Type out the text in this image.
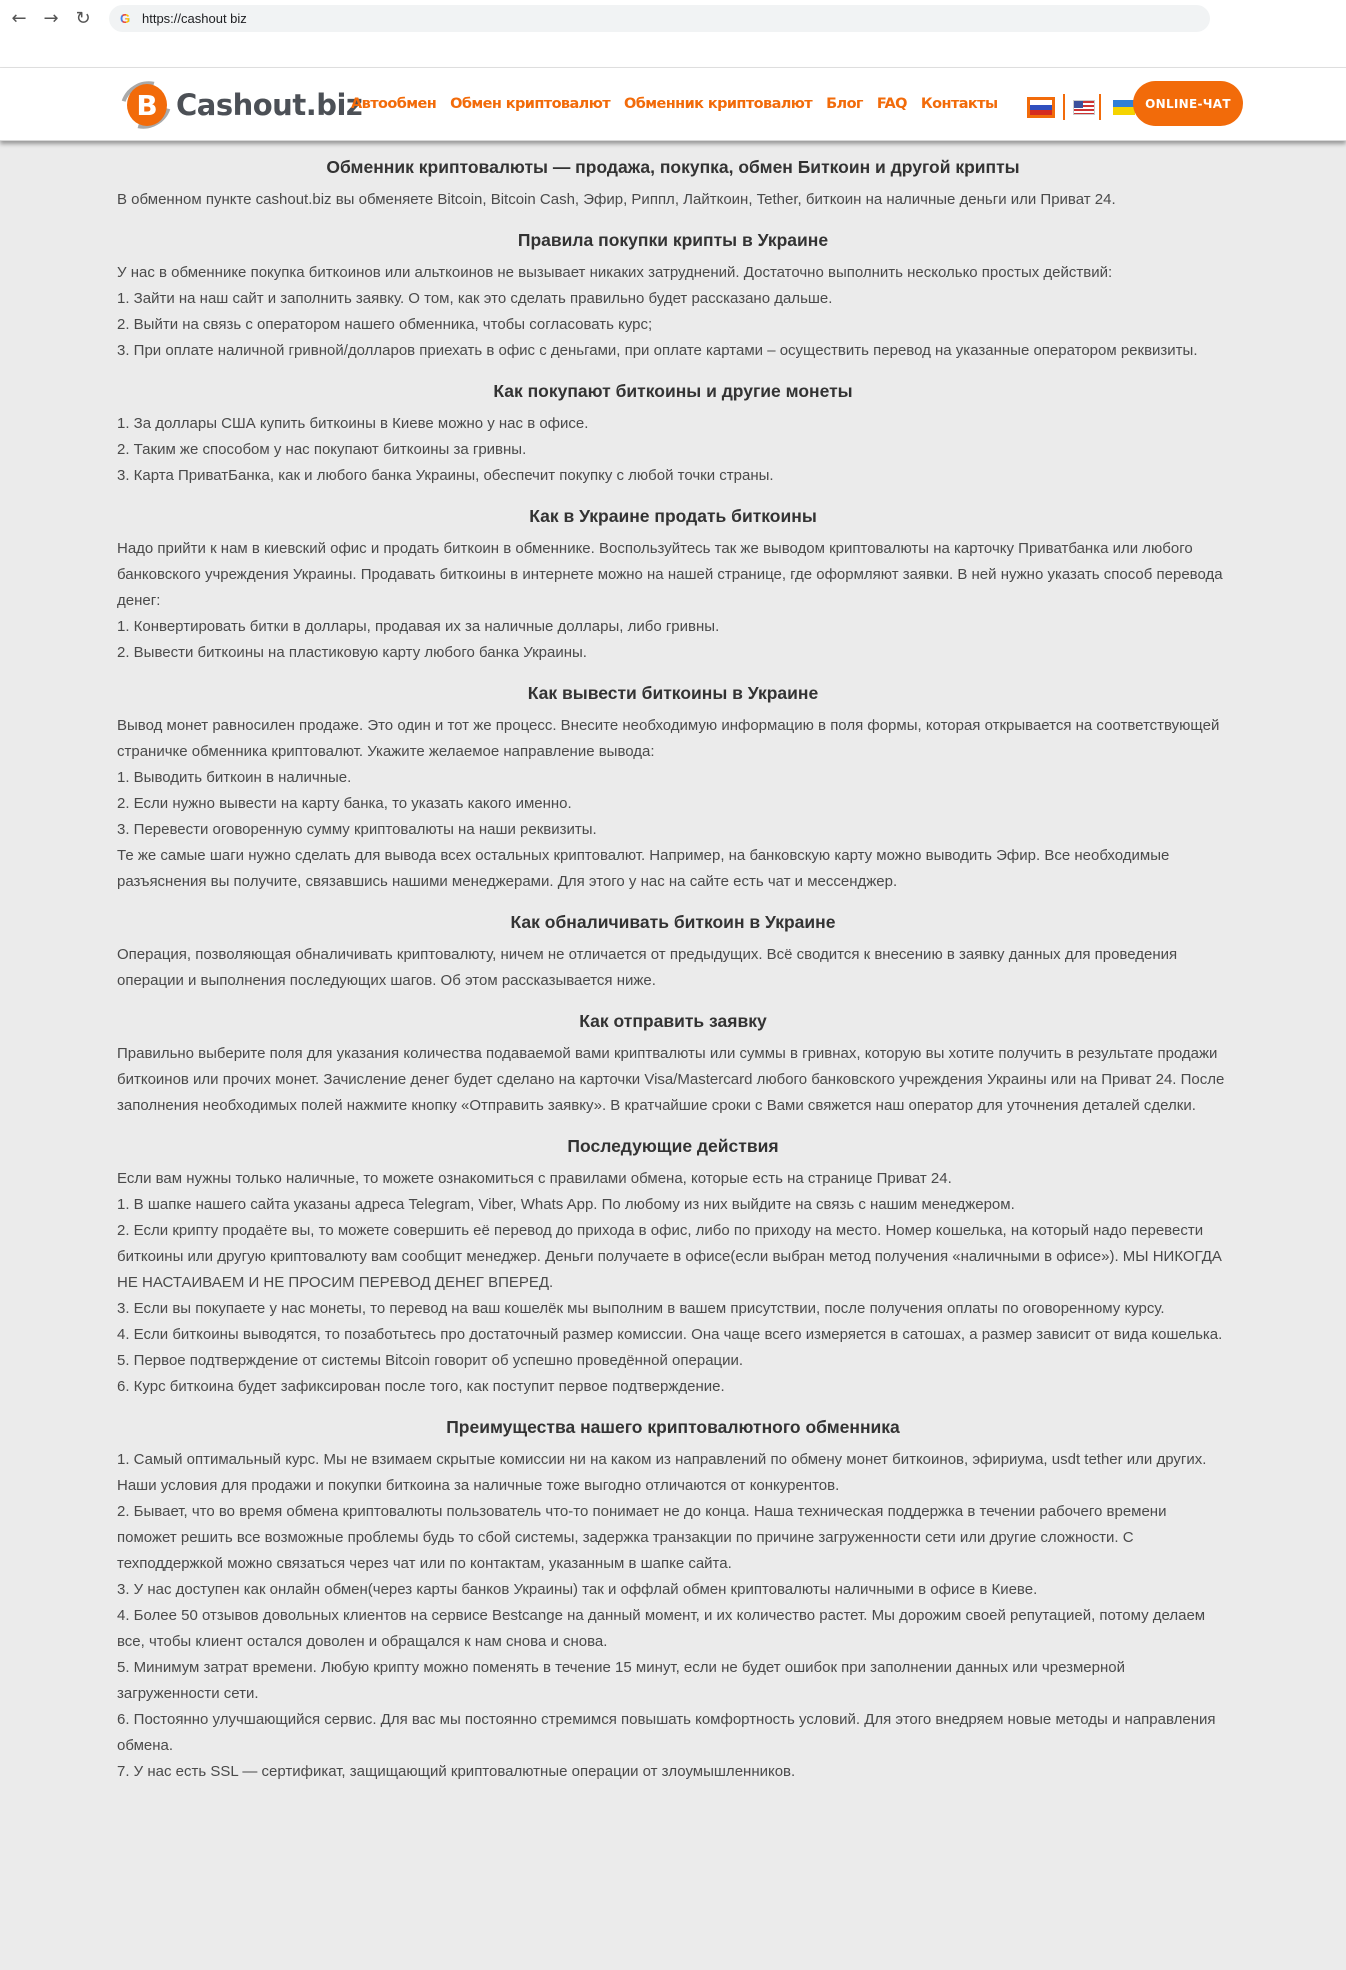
← → ↻	G https://cashout biz
B Cashout.biz
Автообмен Обмен криптовалют Обменник криптовалют Блог FAQ Контакты	ONLINE-ЧАТ
Обменник криптовалюты — продажа, покупка, обмен Биткоин и другой крипты

В обменном пункте cashout.biz вы обменяете Bitcoin, Bitcoin Cash, Эфир, Риппл, Лайткоин, Tether, биткоин на наличные деньги или Приват 24.

Правила покупки крипты в Украине

У нас в обменнике покупка биткоинов или альткоинов не вызывает никаких затруднений. Достаточно выполнить несколько простых действий:

1. Зайти на наш сайт и заполнить заявку. О том, как это сделать правильно будет рассказано дальше.

2. Выйти на связь с оператором нашего обменника, чтобы согласовать курс;

3. При оплате наличной гривной/долларов приехать в офис с деньгами, при оплате картами – осуществить перевод на указанные оператором реквизиты.

Как покупают биткоины и другие монеты

1. За доллары США купить биткоины в Киеве можно у нас в офисе.

2. Таким же способом у нас покупают биткоины за гривны.

3. Карта ПриватБанка, как и любого банка Украины, обеспечит покупку с любой точки страны.

Как в Украине продать биткоины

Надо прийти к нам в киевский офис и продать биткоин в обменнике. Воспользуйтесь так же выводом криптовалюты на карточку Приватбанка или любого банковского учреждения Украины. Продавать биткоины в интернете можно на нашей странице, где оформляют заявки. В ней нужно указать способ перевода денег:

1. Конвертировать битки в доллары, продавая их за наличные доллары, либо гривны.

2. Вывести биткоины на пластиковую карту любого банка Украины.

Как вывести биткоины в Украине

Вывод монет равносилен продаже. Это один и тот же процесс. Внесите необходимую информацию в поля формы, которая открывается на соответствующей страничке обменника криптовалют. Укажите желаемое направление вывода:

1. Выводить биткоин в наличные.

2. Если нужно вывести на карту банка, то указать какого именно.

3. Перевести оговоренную сумму криптовалюты на наши реквизиты.

Те же самые шаги нужно сделать для вывода всех остальных криптовалют. Например, на банковскую карту можно выводить Эфир. Все необходимые разъяснения вы получите, связавшись нашими менеджерами. Для этого у нас на сайте есть чат и мессенджер.

Как обналичивать биткоин в Украине

Операция, позволяющая обналичивать криптовалюту, ничем не отличается от предыдущих. Всё сводится к внесению в заявку данных для проведения операции и выполнения последующих шагов. Об этом рассказывается ниже.

Как отправить заявку

Правильно выберите поля для указания количества подаваемой вами криптвалюты или суммы в гривнах, которую вы хотите получить в результате продажи биткоинов или прочих монет. Зачисление денег будет сделано на карточки Visa/Mastercard любого банковского учреждения Украины или на Приват 24. После заполнения необходимых полей нажмите кнопку «Отправить заявку». В кратчайшие сроки с Вами свяжется наш оператор для уточнения деталей сделки.

Последующие действия

Если вам нужны только наличные, то можете ознакомиться с правилами обмена, которые есть на странице Приват 24.

1. В шапке нашего сайта указаны адреса Telegram, Viber, Whats App. По любому из них выйдите на связь с нашим менеджером.

2. Если крипту продаёте вы, то можете совершить её перевод до прихода в офис, либо по приходу на место. Номер кошелька, на который надо перевести биткоины или другую криптовалюту вам сообщит менеджер. Деньги получаете в офисе(если выбран метод получения «наличными в офисе»). МЫ НИКОГДА НЕ НАСТАИВАЕМ И НЕ ПРОСИМ ПЕРЕВОД ДЕНЕГ ВПЕРЕД.

3. Если вы покупаете у нас монеты, то перевод на ваш кошелёк мы выполним в вашем присутствии, после получения оплаты по оговоренному курсу.

4. Если биткоины выводятся, то позаботьтесь про достаточный размер комиссии. Она чаще всего измеряется в сатошах, а размер зависит от вида кошелька.

5. Первое подтверждение от системы Bitcoin говорит об успешно проведённой операции.

6. Курс биткоина будет зафиксирован после того, как поступит первое подтверждение.

Преимущества нашего криптовалютного обменника

1. Самый оптимальный курс. Мы не взимаем скрытые комиссии ни на каком из направлений по обмену монет биткоинов, эфириума, usdt tether или других. Наши условия для продажи и покупки биткоина за наличные тоже выгодно отличаются от конкурентов.

2. Бывает, что во время обмена криптовалюты пользователь что-то понимает не до конца. Наша техническая поддержка в течении рабочего времени поможет решить все возможные проблемы будь то сбой системы, задержка транзакции по причине загруженности сети или другие сложности. С техподдержкой можно связаться через чат или по контактам, указанным в шапке сайта.

3. У нас доступен как онлайн обмен(через карты банков Украины) так и оффлай обмен криптовалюты наличными в офисе в Киеве.

4. Более 50 отзывов довольных клиентов на сервисе Bestcange на данный момент, и их количество растет. Мы дорожим своей репутацией, потому делаем все, чтобы клиент остался доволен и обращался к нам снова и снова.

5. Минимум затрат времени. Любую крипту можно поменять в течение 15 минут, если не будет ошибок при заполнении данных или чрезмерной загруженности сети.

6. Постоянно улучшающийся сервис. Для вас мы постоянно стремимся повышать комфортность условий. Для этого внедряем новые методы и направления обмена.

7. У нас есть SSL — сертификат, защищающий криптовалютные операции от злоумышленников.
